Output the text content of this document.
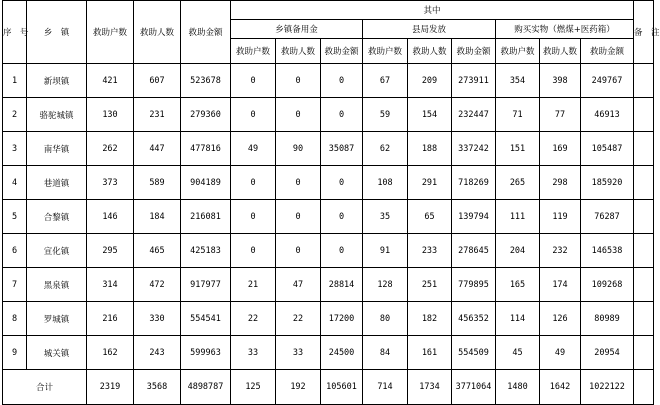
序　号	乡　镇	救助户数	救助人数	救助金额	其中									备　注
					乡镇备用金			县局发放			购买实物（燃煤+医药箱）			
					救助户数	救助人数	救助金额	救助户数	救助人数	救助金额	救助户数	救助人数	救助金额	
1	新坝镇	421	607	523678	0	0	0	67	209	273911	354	398	249767	
2	骆驼城镇	130	231	279360	0	0	0	59	154	232447	71	77	46913	
3	南华镇	262	447	477816	49	90	35087	62	188	337242	151	169	105487	
4	巷道镇	373	589	904189	0	0	0	108	291	718269	265	298	185920	
5	合黎镇	146	184	216081	0	0	0	35	65	139794	111	119	76287	
6	宣化镇	295	465	425183	0	0	0	91	233	278645	204	232	146538	
7	黑泉镇	314	472	917977	21	47	28814	128	251	779895	165	174	109268	
8	罗城镇	216	330	554541	22	22	17200	80	182	456352	114	126	80989	
9	城关镇	162	243	599963	33	33	24500	84	161	554509	45	49	20954	
合计		2319	3568	4898787	125	192	105601	714	1734	3771064	1480	1642	1022122	
